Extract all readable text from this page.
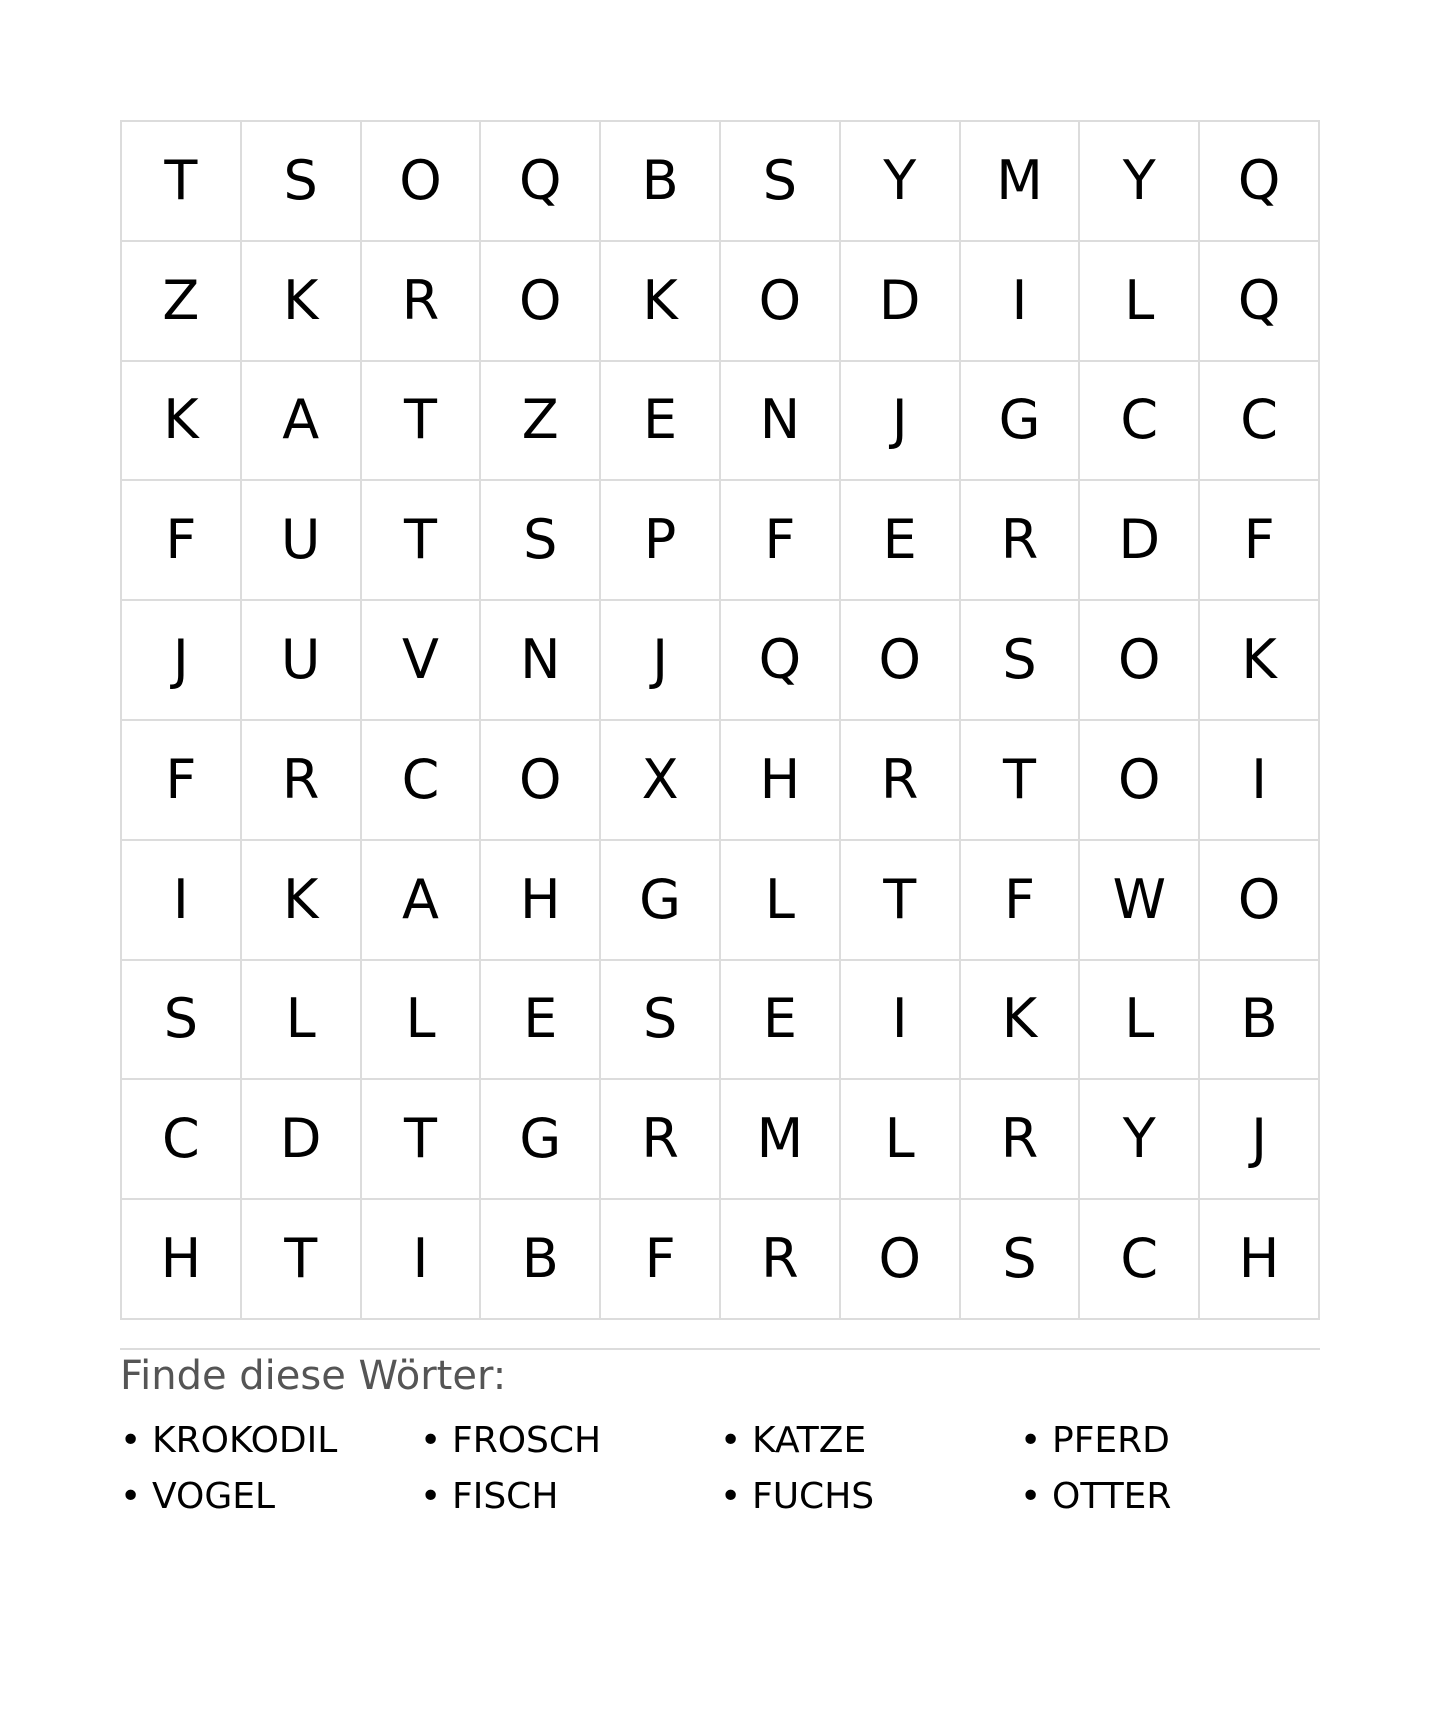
T	S	O	Q	B	S	Y	M	Y	Q
Z	K	R	O	K	O	D	I	L	Q
K	A	T	Z	E	N	J	G	C	C
F	U	T	S	P	F	E	R	D	F
J	U	V	N	J	Q	O	S	O	K
F	R	C	O	X	H	R	T	O	I
I	K	A	H	G	L	T	F	W	O
S	L	L	E	S	E	I	K	L	B
C	D	T	G	R	M	L	R	Y	J
H	T	I	B	F	R	O	S	C	H
Finde diese Wörter:
• KROKODIL • FROSCH	• KATZE	• PFERD
• VOGEL	• FISCH	• FUCHS	• OTTER
